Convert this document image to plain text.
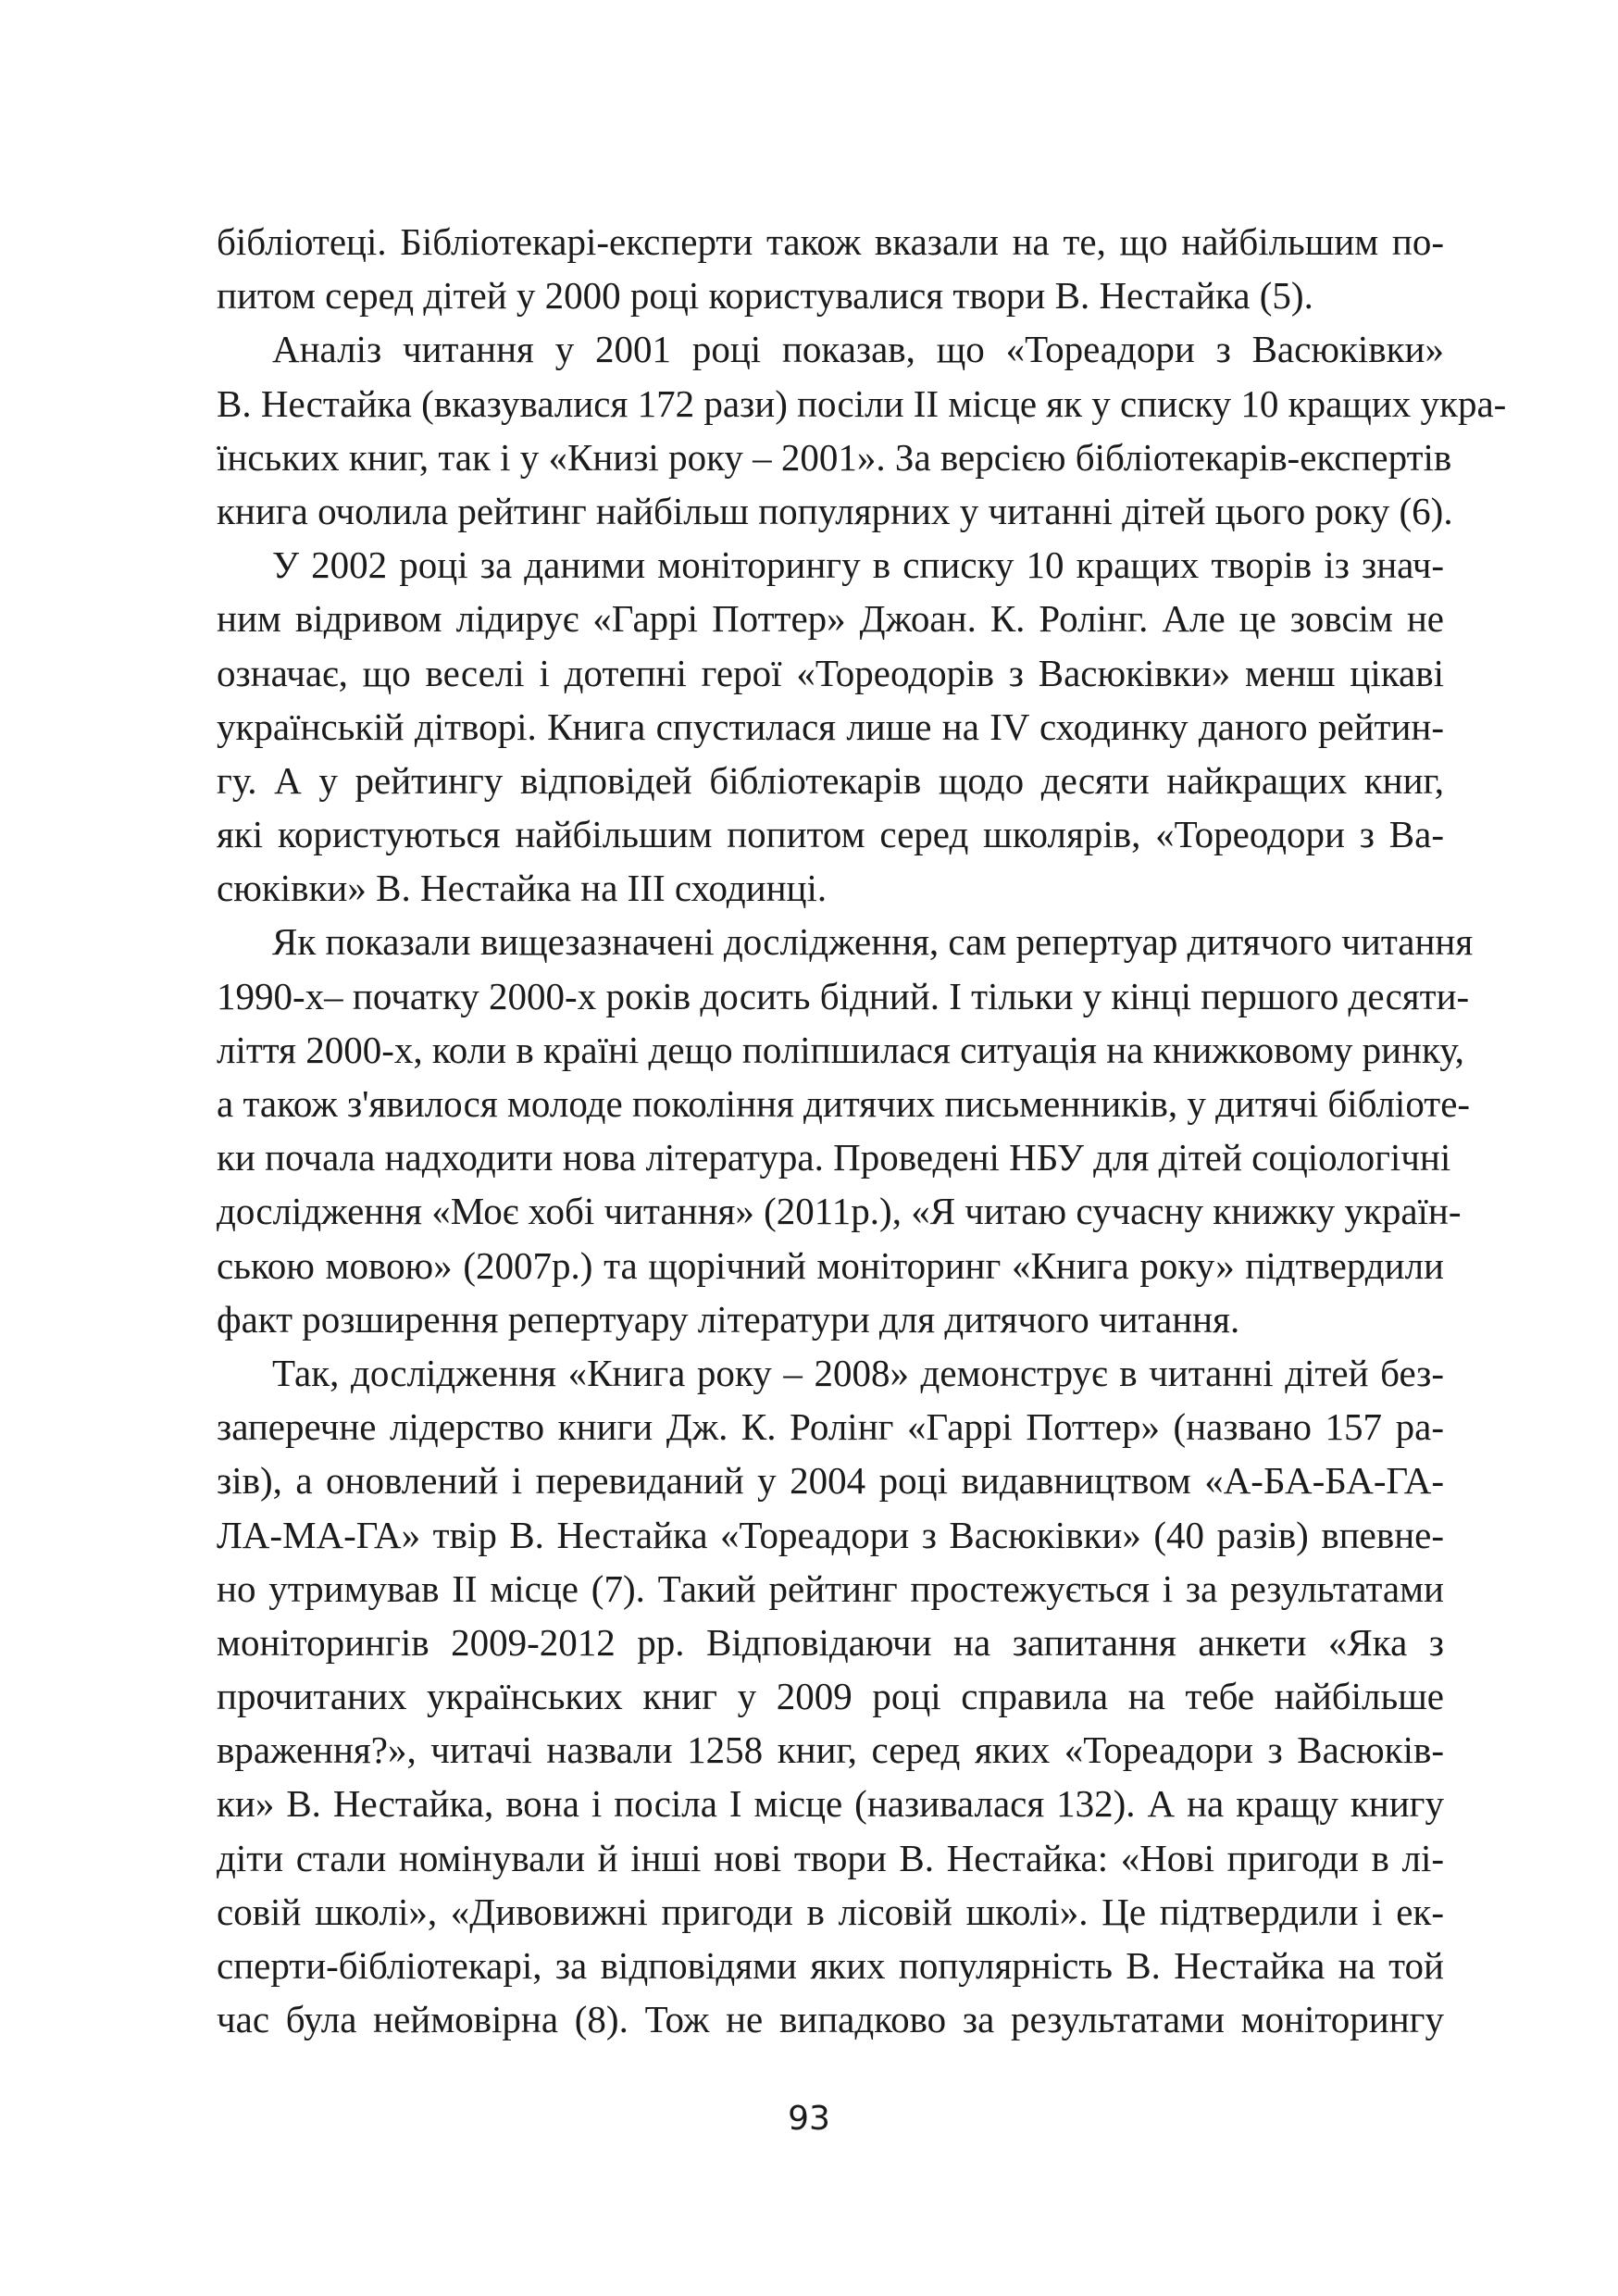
бібліотеці. Бібліотекарі-експерти також вказали на те, що найбільшим по-
питом серед дітей у 2000 році користувалися твори В. Нестайка (5).
Аналіз читання у 2001 році показав, що «Тореадори з Васюківки»
В. Нестайка (вказувалися 172 рази) посіли ІІ місце як у списку 10 кращих укра-
їнських книг, так і у «Книзі року – 2001». За версією бібліотекарів-експертів
книга очолила рейтинг найбільш популярних у читанні дітей цього року (6).
У 2002 році за даними моніторингу в списку 10 кращих творів із знач-
ним відривом лідирує «Гаррі Поттер» Джоан. К. Ролінг. Але це зовсім не
означає, що веселі і дотепні герої «Тореодорів з Васюківки» менш цікаві
українській дітворі. Книга спустилася лише на ІV сходинку даного рейтин-
гу. А у рейтингу відповідей бібліотекарів щодо десяти найкращих книг,
які користуються найбільшим попитом серед школярів, «Тореодори з Ва-
сюківки» В. Нестайка на ІІІ сходинці.
Як показали вищезазначені дослідження, сам репертуар дитячого читання
1990-х– початку 2000-х років досить бідний. І тільки у кінці першого десяти-
ліття 2000-х, коли в країні дещо поліпшилася ситуація на книжковому ринку,
а також з'явилося молоде покоління дитячих письменників, у дитячі бібліоте-
ки почала надходити нова література. Проведені НБУ для дітей соціологічні
дослідження «Моє хобі читання» (2011р.), «Я читаю сучасну книжку україн-
ською мовою» (2007р.) та щорічний моніторинг «Книга року» підтвердили
факт розширення репертуару літератури для дитячого читання.
Так, дослідження «Книга року – 2008» демонструє в читанні дітей без-
заперечне лідерство книги Дж. К. Ролінг «Гаррі Поттер» (названо 157 ра-
зів), а оновлений і перевиданий у 2004 році видавництвом «А-БА-БА-ГА-
ЛА-МА-ГА» твір В. Нестайка «Тореадори з Васюківки» (40 разів) впевне-
но утримував ІІ місце (7). Такий рейтинг простежується і за результатами
моніторингів 2009-2012 рр. Відповідаючи на запитання анкети «Яка з
прочитаних українських книг у 2009 році справила на тебе найбільше
враження?», читачі назвали 1258 книг, серед яких «Тореадори з Васюків-
ки» В. Нестайка, вона і посіла І місце (називалася 132). А на кращу книгу
діти стали номінували й інші нові твори В. Нестайка: «Нові пригоди в лі-
совій школі», «Дивовижні пригоди в лісовій школі». Це підтвердили і ек-
сперти-бібліотекарі, за відповідями яких популярність В. Нестайка на той
час була неймовірна (8). Тож не випадково за результатами моніторингу
93
